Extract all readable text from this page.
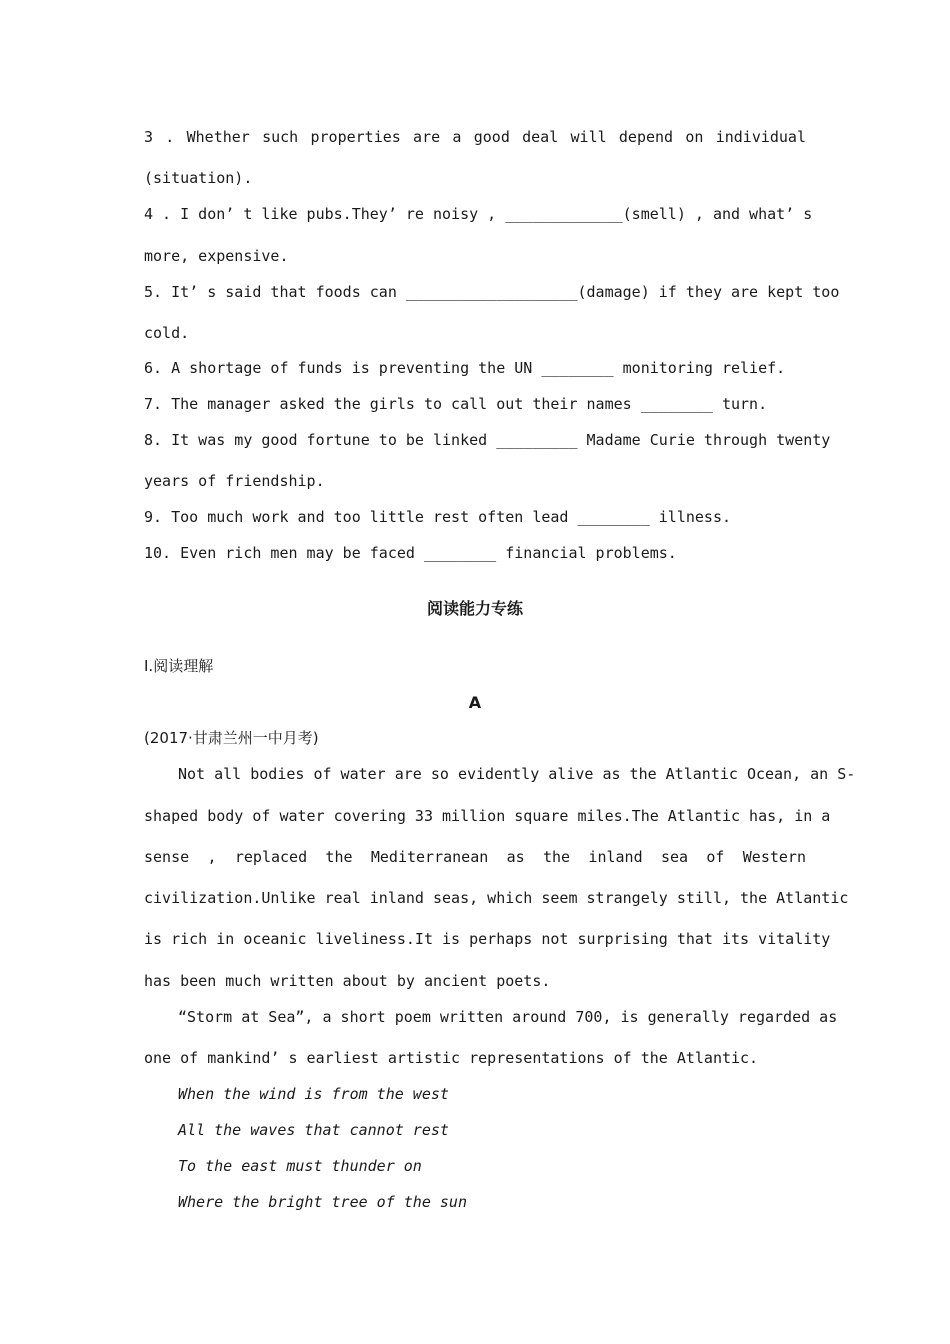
3 . Whether such properties are a good deal will depend on individual
(situation).
4 . I don’ t like pubs.They’ re noisy , _____________(smell) , and what’ s
more, expensive.
5. It’ s said that foods can ___________________(damage) if they are kept too
cold.
6. A shortage of funds is preventing the UN ________ monitoring relief.
7. The manager asked the girls to call out their names ________ turn.
8. It was my good fortune to be linked _________ Madame Curie through twenty
years of friendship.
9. Too much work and too little rest often lead ________ illness.
10. Even rich men may be faced ________ financial problems.
阅读能力专练
Ⅰ.阅读理解
A
(2017·甘肃兰州一中月考)
Not all bodies of water are so evidently alive as the Atlantic Ocean, an S-
shaped body of water covering 33 million square miles.The Atlantic has, in a
sense , replaced the Mediterranean as the inland sea of Western
civilization.Unlike real inland seas, which seem strangely still, the Atlantic
is rich in oceanic liveliness.It is perhaps not surprising that its vitality
has been much written about by ancient poets.
“Storm at Sea”, a short poem written around 700, is generally regarded as
one of mankind’ s earliest artistic representations of the Atlantic.
When the wind is from the west
All the waves that cannot rest
To the east must thunder on
Where the bright tree of the sun
